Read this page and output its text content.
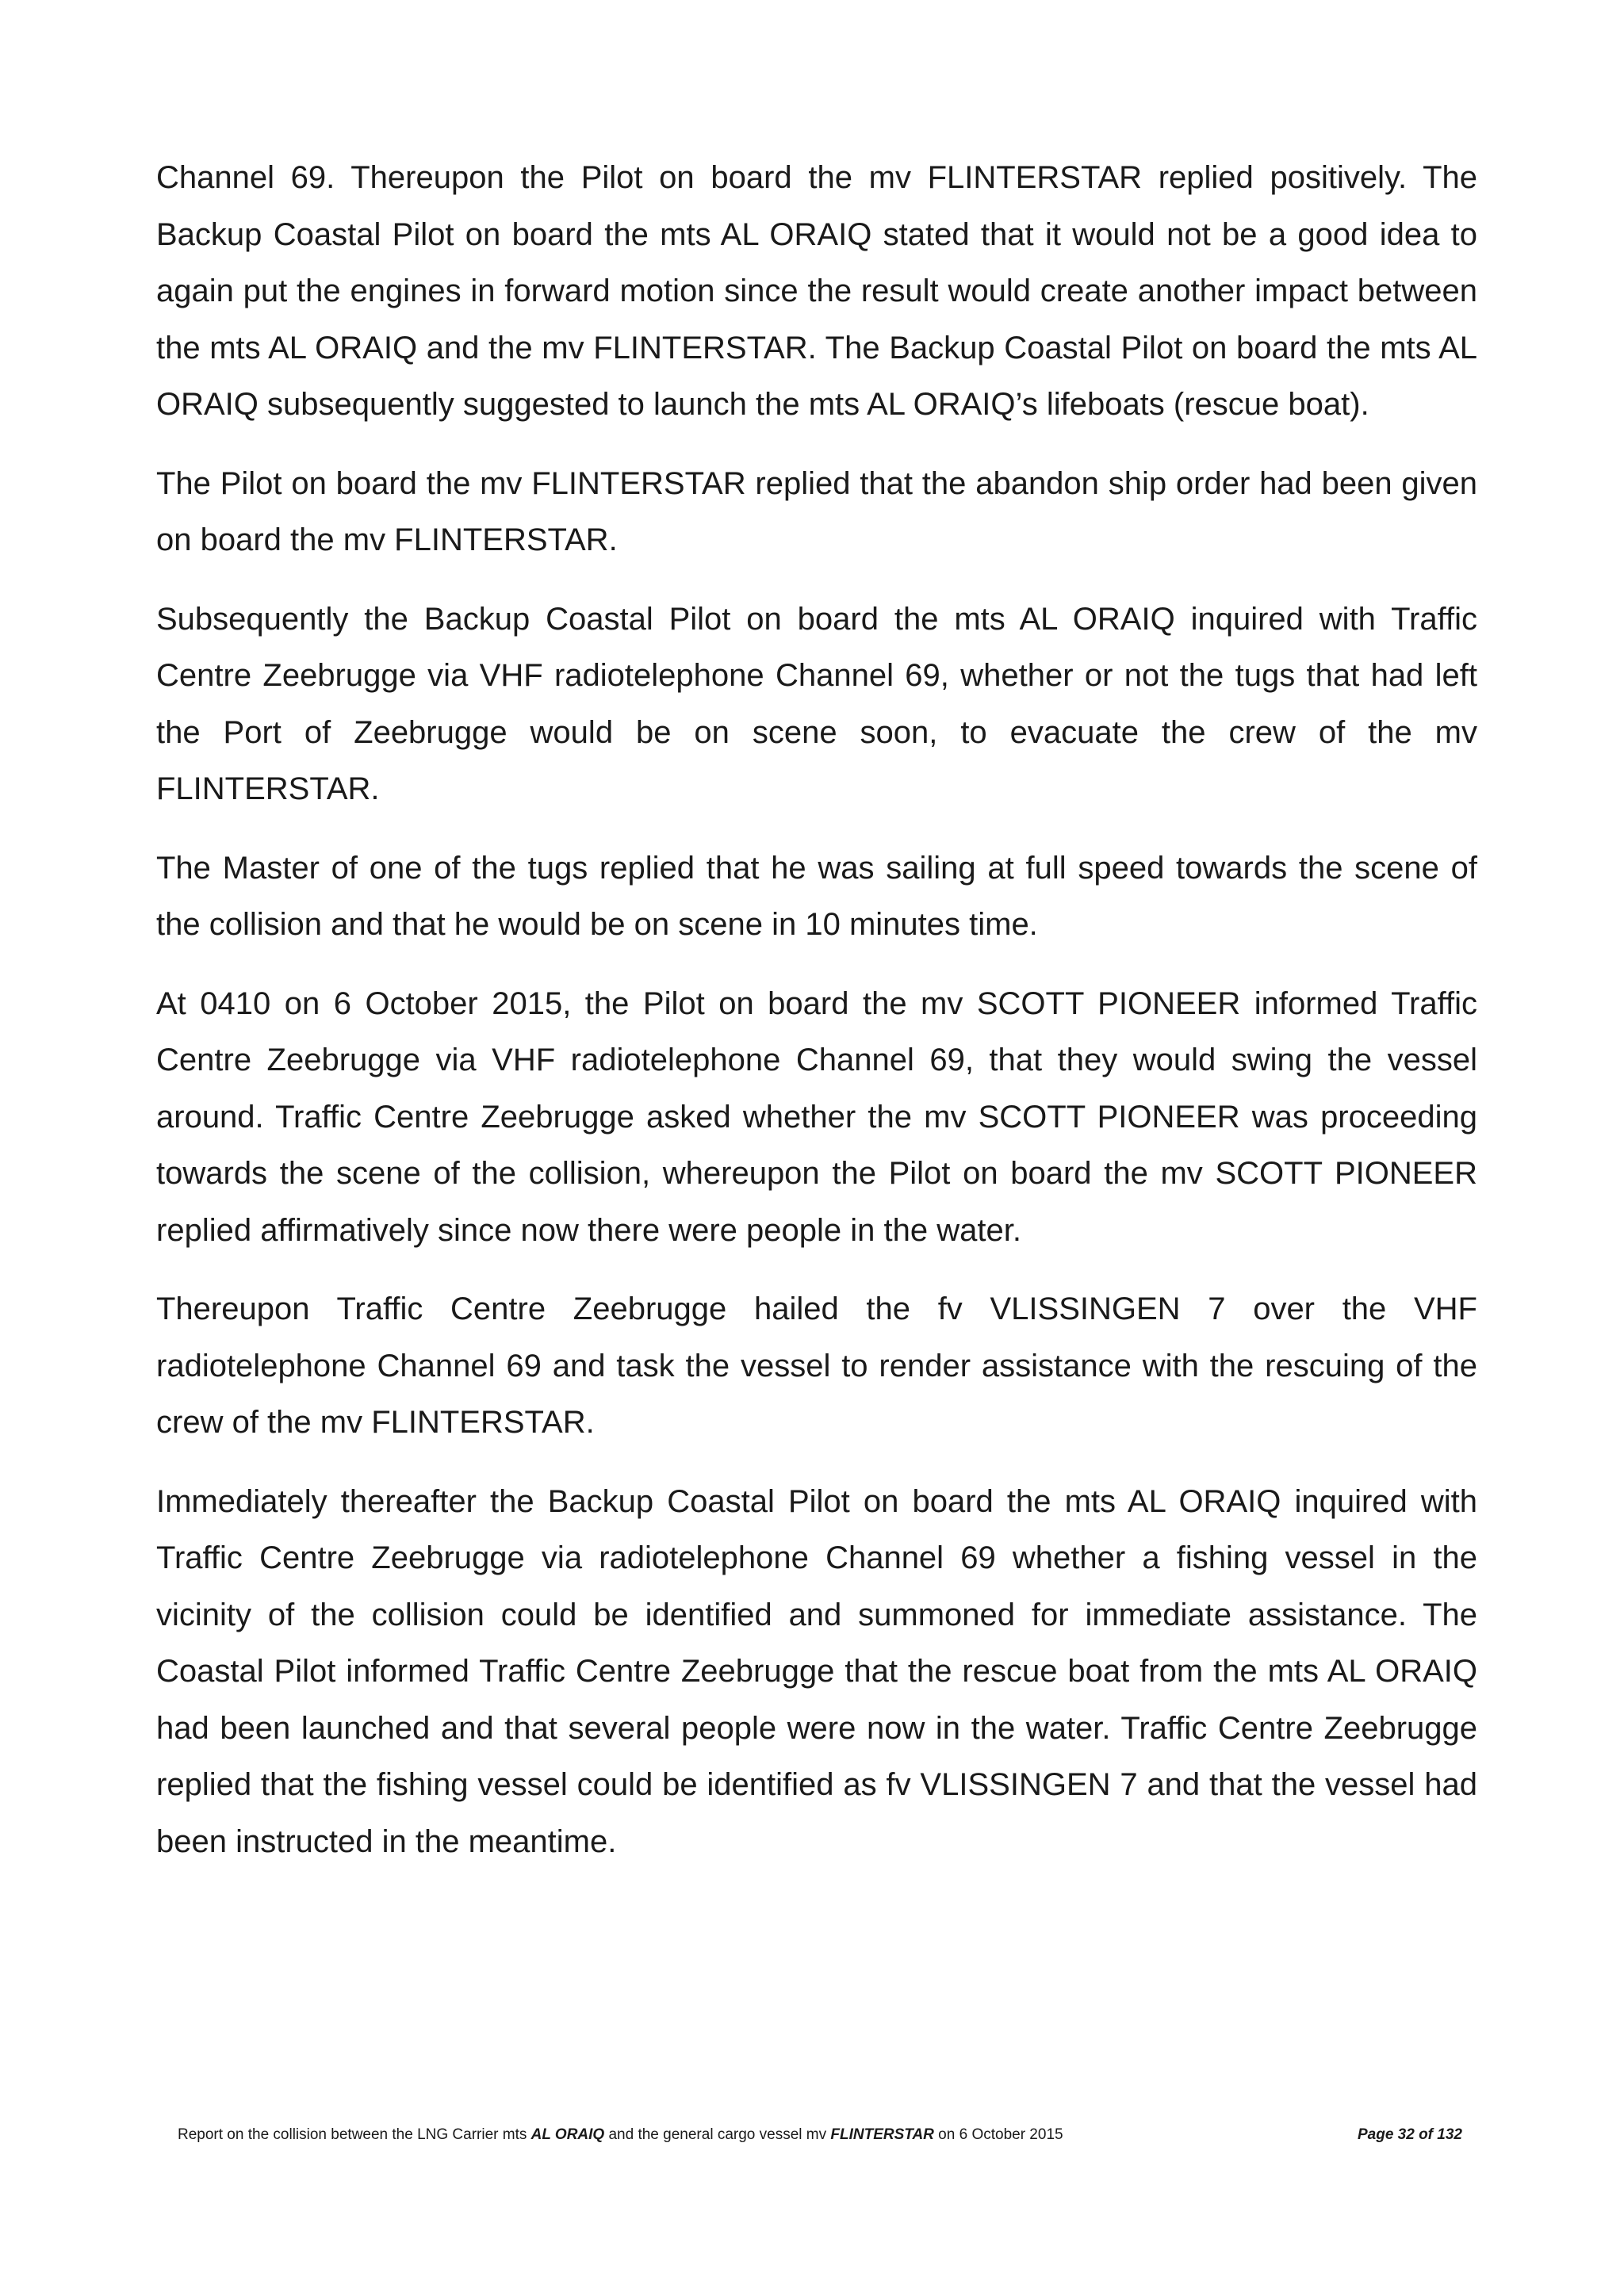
Channel 69. Thereupon the Pilot on board the mv FLINTERSTAR replied positively. The Backup Coastal Pilot on board the mts AL ORAIQ stated that it would not be a good idea to again put the engines in forward motion since the result would create another impact between the mts AL ORAIQ and the mv FLINTERSTAR. The Backup Coastal Pilot on board the mts AL ORAIQ subsequently suggested to launch the mts AL ORAIQ’s lifeboats (rescue boat).

The Pilot on board the mv FLINTERSTAR replied that the abandon ship order had been given on board the mv FLINTERSTAR.

Subsequently the Backup Coastal Pilot on board the mts AL ORAIQ inquired with Traffic Centre Zeebrugge via VHF radiotelephone Channel 69, whether or not the tugs that had left the Port of Zeebrugge would be on scene soon, to evacuate the crew of the mv FLINTERSTAR.

The Master of one of the tugs replied that he was sailing at full speed towards the scene of the collision and that he would be on scene in 10 minutes time.

At 0410 on 6 October 2015, the Pilot on board the mv SCOTT PIONEER informed Traffic Centre Zeebrugge via VHF radiotelephone Channel 69, that they would swing the vessel around. Traffic Centre Zeebrugge asked whether the mv SCOTT PIONEER was proceeding towards the scene of the collision, whereupon the Pilot on board the mv SCOTT PIONEER replied affirmatively since now there were people in the water.

Thereupon Traffic Centre Zeebrugge hailed the fv VLISSINGEN 7 over the VHF radiotelephone Channel 69 and task the vessel to render assistance with the rescuing of the crew of the mv FLINTERSTAR.

Immediately thereafter the Backup Coastal Pilot on board the mts AL ORAIQ inquired with Traffic Centre Zeebrugge via radiotelephone Channel 69 whether a fishing vessel in the vicinity of the collision could be identified and summoned for immediate assistance. The Coastal Pilot informed Traffic Centre Zeebrugge that the rescue boat from the mts AL ORAIQ had been launched and that several people were now in the water. Traffic Centre Zeebrugge replied that the fishing vessel could be identified as fv VLISSINGEN 7 and that the vessel had been instructed in the meantime.

Report on the collision between the LNG Carrier mts AL ORAIQ and the general cargo vessel mv FLINTERSTAR on 6 October 2015	Page 32 of 132
